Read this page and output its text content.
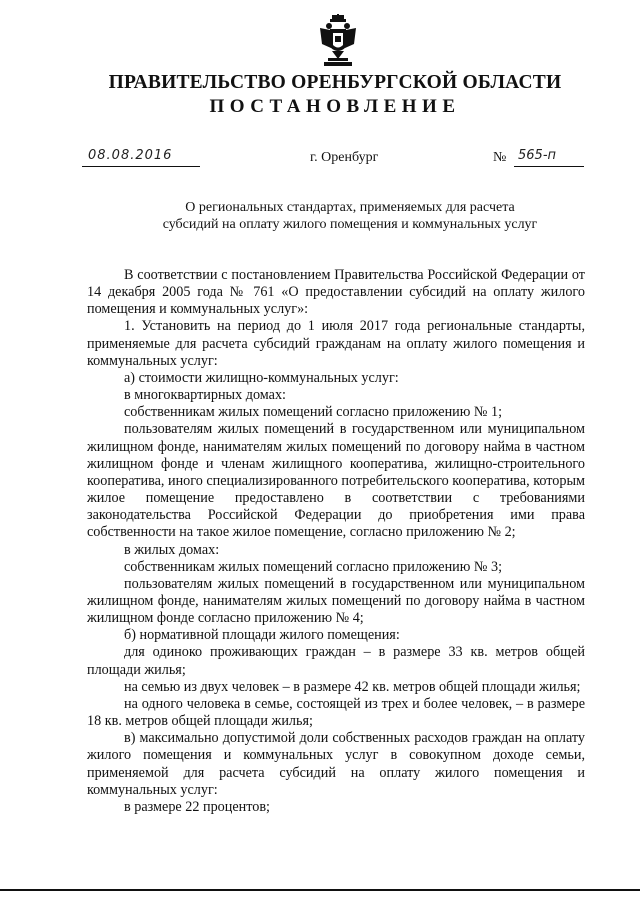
ПРАВИТЕЛЬСТВО ОРЕНБУРГСКОЙ ОБЛАСТИ
ПОСТАНОВЛЕНИЕ
08.08.2016	г. Оренбург	№ 565-п
О региональных стандартах, применяемых для расчета
субсидий на оплату жилого помещения и коммунальных услуг

В соответствии с постановлением Правительства Российской Федерации от 14 декабря 2005 года № 761 «О предоставлении субсидий на оплату жилого помещения и коммунальных услуг»:

1. Установить на период до 1 июля 2017 года региональные стандарты, применяемые для расчета субсидий гражданам на оплату жилого помещения и коммунальных услуг:

а) стоимости жилищно-коммунальных услуг:

в многоквартирных домах:

собственникам жилых помещений согласно приложению № 1;

пользователям жилых помещений в государственном или муниципальном жилищном фонде, нанимателям жилых помещений по договору найма в частном жилищном фонде и членам жилищного кооператива, жилищно-строительного кооператива, иного специализированного потребительского кооператива, которым жилое помещение предоставлено в соответствии с требованиями законодательства Российской Федерации до приобретения ими права собственности на такое жилое помещение, согласно приложению № 2;

в жилых домах:

собственникам жилых помещений согласно приложению № 3;

пользователям жилых помещений в государственном или муниципальном жилищном фонде, нанимателям жилых помещений по договору найма в частном жилищном фонде согласно приложению № 4;

б) нормативной площади жилого помещения:

для одиноко проживающих граждан – в размере 33 кв. метров общей площади жилья;

на семью из двух человек – в размере 42 кв. метров общей площади жилья;

на одного человека в семье, состоящей из трех и более человек, – в размере 18 кв. метров общей площади жилья;

в) максимально допустимой доли собственных расходов граждан на оплату жилого помещения и коммунальных услуг в совокупном доходе семьи, применяемой для расчета субсидий на оплату жилого помещения и коммунальных услуг:

в размере 22 процентов;
